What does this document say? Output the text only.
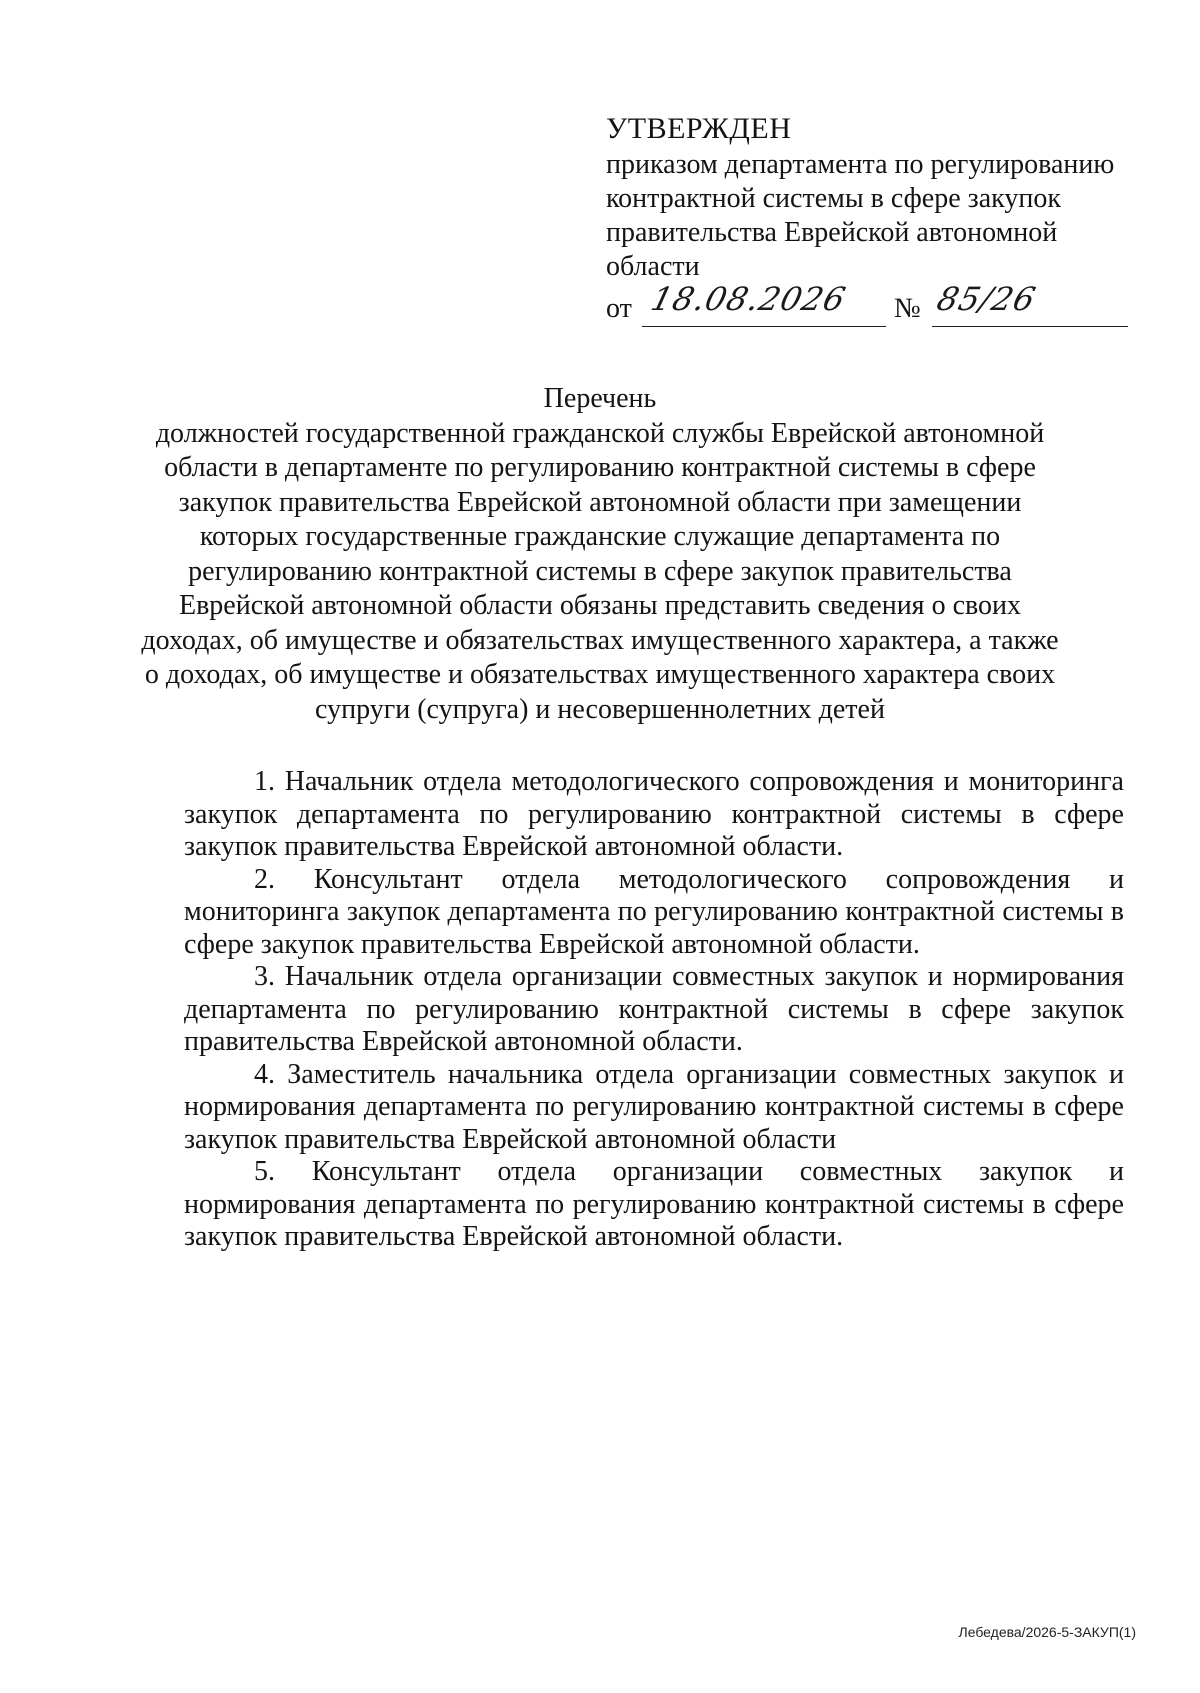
УТВЕРЖДЕН
приказом департамента по регулированию контрактной системы в сфере закупок правительства Еврейской автономной области
от 18.08.2026 № 85/26
Перечень
должностей государственной гражданской службы Еврейской автономной области в департаменте по регулированию контрактной системы в сфере закупок правительства Еврейской автономной области при замещении которых государственные гражданские служащие департамента по регулированию контрактной системы в сфере закупок правительства Еврейской автономной области обязаны представить сведения о своих доходах, об имуществе и обязательствах имущественного характера, а также о доходах, об имуществе и обязательствах имущественного характера своих супруги (супруга) и несовершеннолетних детей

1. Начальник отдела методологического сопровождения и мониторинга закупок департамента по регулированию контрактной системы в сфере закупок правительства Еврейской автономной области.

2. Консультант отдела методологического сопровождения и мониторинга закупок департамента по регулированию контрактной системы в сфере закупок правительства Еврейской автономной области.

3. Начальник отдела организации совместных закупок и нормирования департамента по регулированию контрактной системы в сфере закупок правительства Еврейской автономной области.

4. Заместитель начальника отдела организации совместных закупок и нормирования департамента по регулированию контрактной системы в сфере закупок правительства Еврейской автономной области

5. Консультант отдела организации совместных закупок и нормирования департамента по регулированию контрактной системы в сфере закупок правительства Еврейской автономной области.

Лебедева/2026-5-ЗАКУП(1)
